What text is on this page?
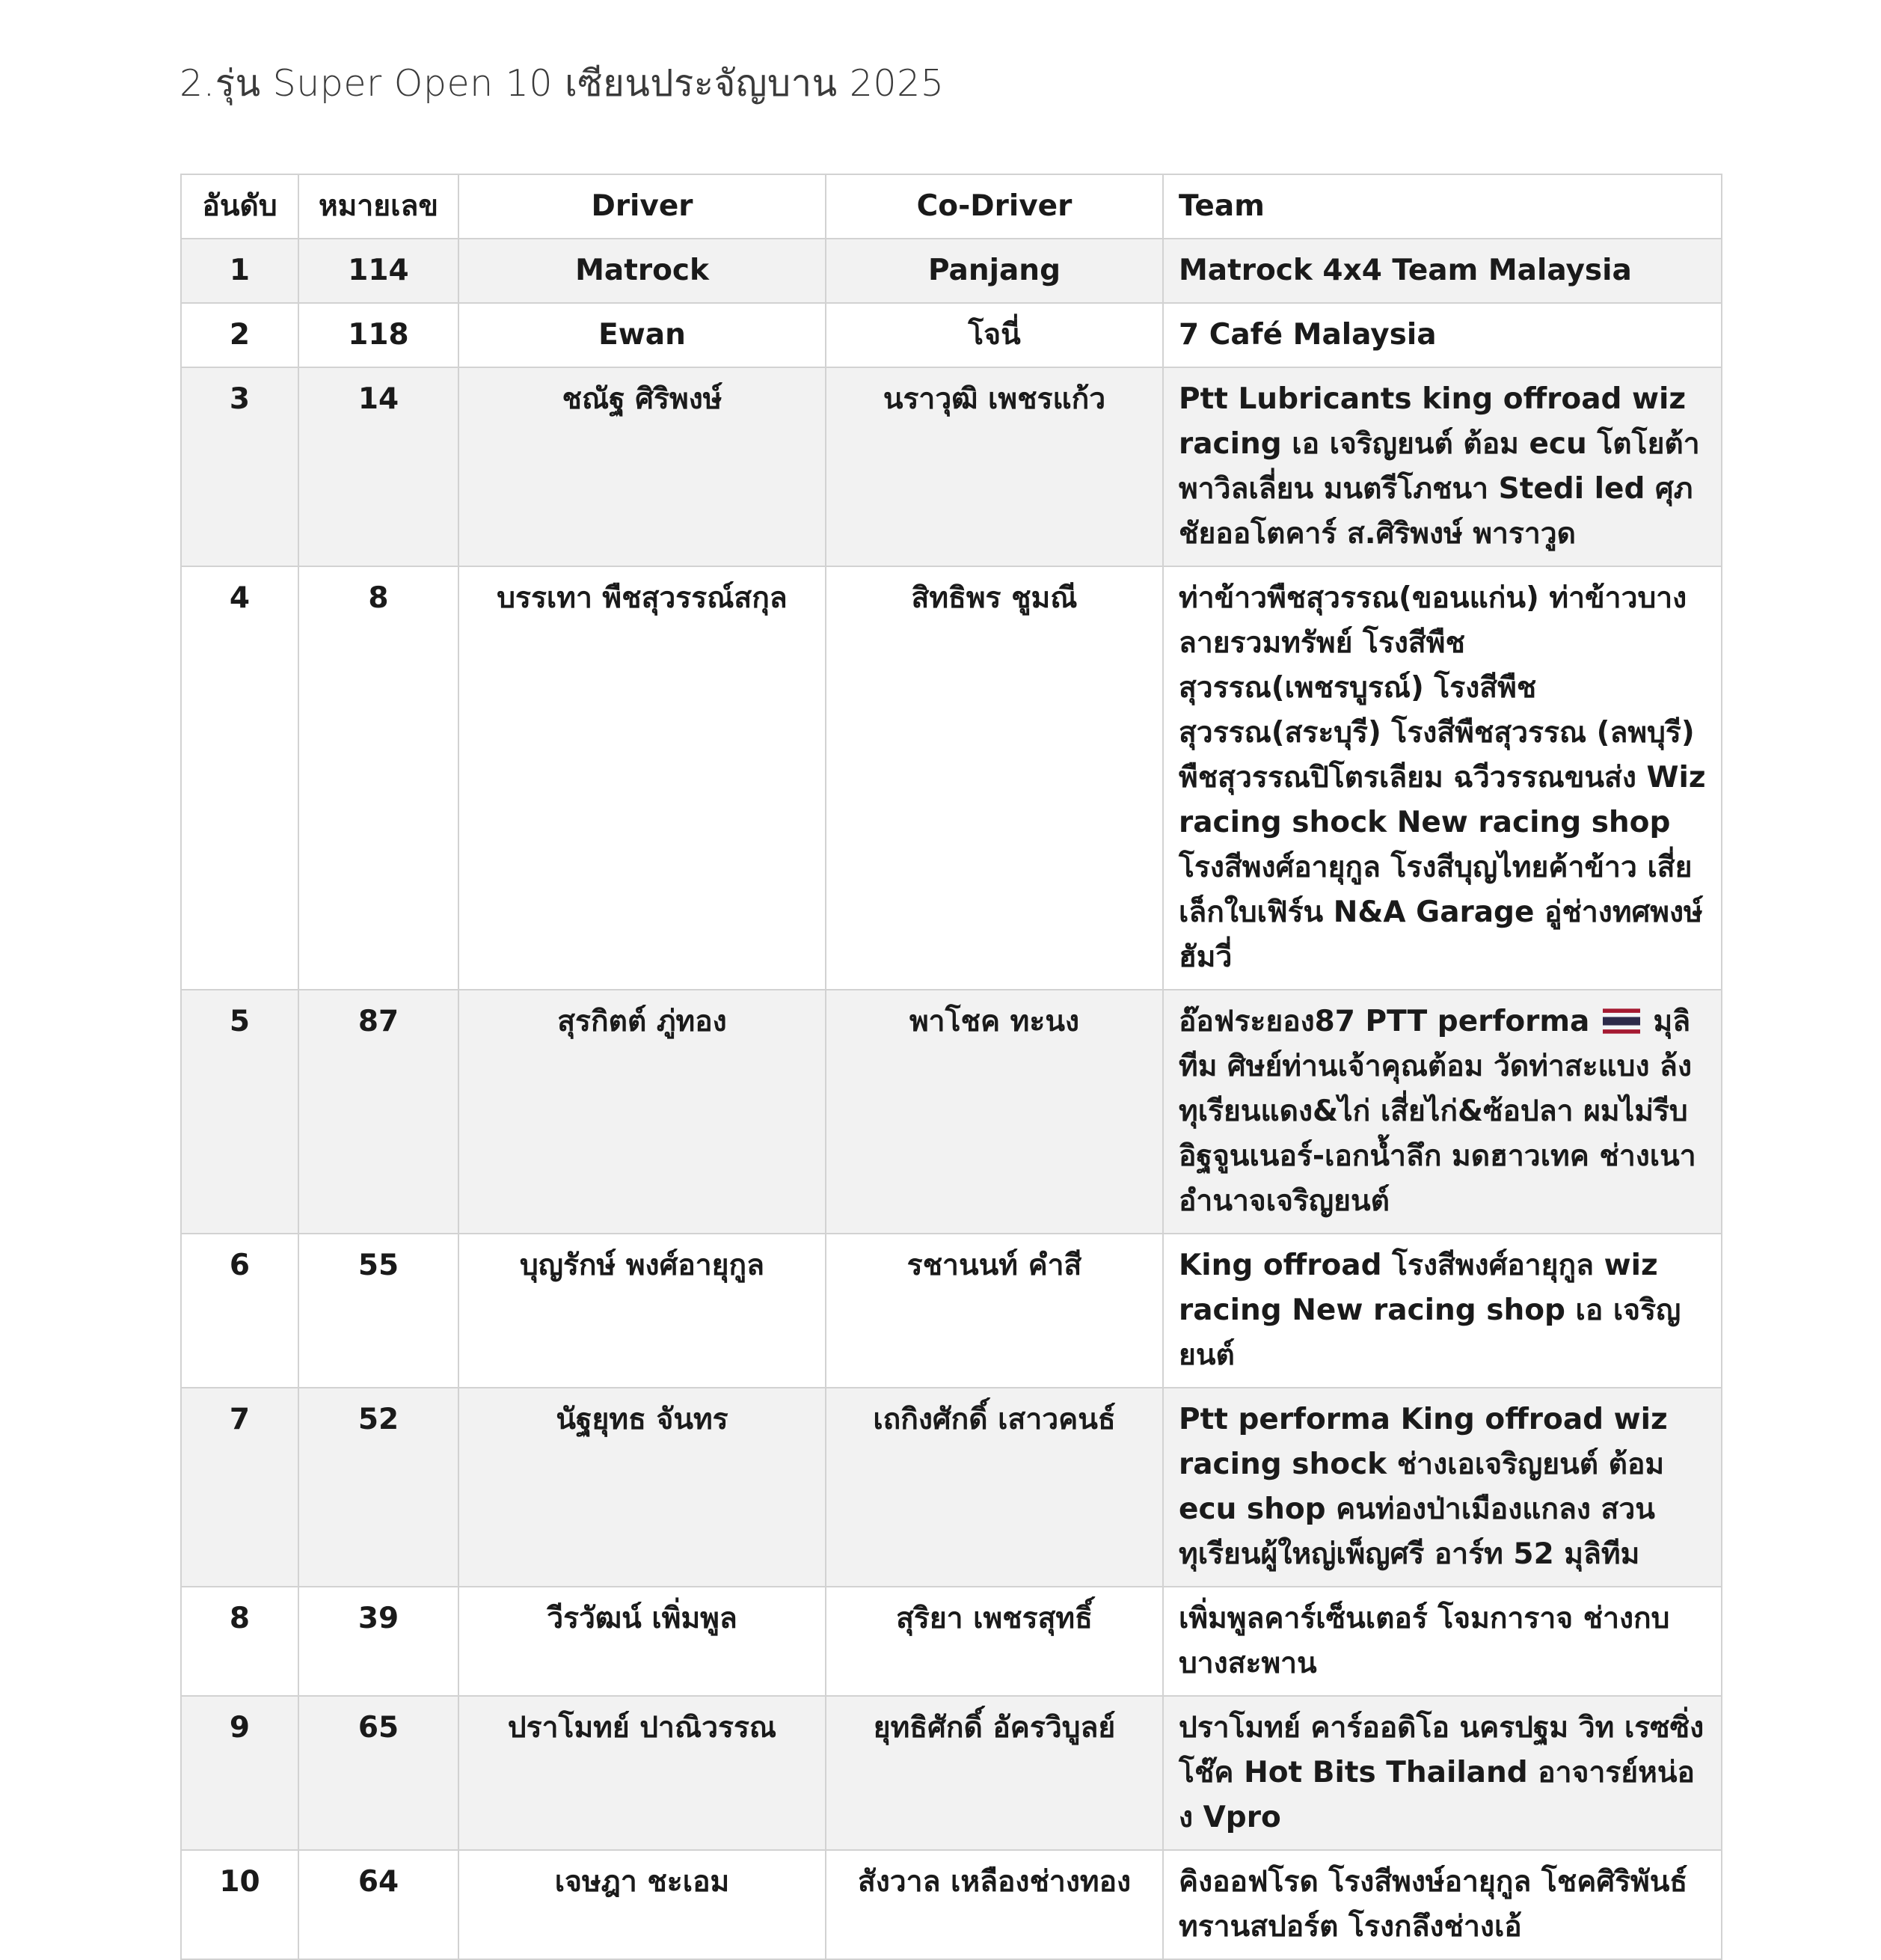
2.รุ่น Super Open 10 เซียนประจัญบาน 2025
อันดับ	หมายเลข	Driver	Co-Driver	Team
1	114	Matrock	Panjang	Matrock 4x4 Team Malaysia
2	118	Ewan	โจนี่	7 Café Malaysia
3	14	ชณัฐ ศิริพงษ์	นราวุฒิ เพชรแก้ว	Ptt Lubricants king offroad wiz racing เอ เจริญยนต์ ต้อม ecu โตโยต้า พาวิลเลี่ยน มนตรีโภชนา Stedi led ศุภชัยออโตคาร์ ส.ศิริพงษ์ พาราวูด
4	8	บรรเทา พืชสุวรรณ์สกุล	สิทธิพร ชูมณี	ท่าข้าวพืชสุวรรณ(ขอนแก่น) ท่าข้าวบางลายรวมทรัพย์ โรงสีพืชสุวรรณ(เพชรบูรณ์) โรงสีพืชสุวรรณ(สระบุรี) โรงสีพืชสุวรรณ (ลพบุรี) พืชสุวรรณปิโตรเลียม ฉวีวรรณขนส่ง Wiz racing shock New racing shop โรงสีพงศ์อายุกูล โรงสีบุญไทยค้าข้าว เสี่ยเล็กใบเฟิร์น N&A Garage อู่ช่างทศพงษ์ฮัมวี่
5	87	สุรกิตต์ ภู่ทอง	พาโชค ทะนง	อ๊อฟระยอง87 PTT performa มุลิทีม ศิษย์ท่านเจ้าคุณต้อม วัดท่าสะแบง ล้งทุเรียนแดง&ไก่ เสี่ยไก่&ซ้อปลา ผมไม่รีบ อิฐจูนเนอร์-เอกน้ำลึก มดฮาวเทค ช่างเนาอำนาจเจริญยนต์
6	55	บุญรักษ์ พงศ์อายุกูล	รชานนท์ คำสี	King offroad โรงสีพงศ์อายุกูล wiz racing New racing shop เอ เจริญยนต์
7	52	นัฐยุทธ จันทร	เถกิงศักดิ์ เสาวคนธ์	Ptt performa King offroad wiz racing shock ช่างเอเจริญยนต์ ต้อม ecu shop คนท่องป่าเมืองแกลง สวนทุเรียนผู้ใหญ่เพ็ญศรี อาร์ท 52 มุลิทีม
8	39	วีรวัฒน์ เพิ่มพูล	สุริยา เพชรสุทธิ์	เพิ่มพูลคาร์เซ็นเตอร์ โจมการาจ ช่างกบบางสะพาน
9	65	ปราโมทย์ ปาณิวรรณ	ยุทธิศักดิ์ อัครวิบูลย์	ปราโมทย์ คาร์ออดิโอ นครปฐม วิท เรซซิ่งโช๊ค Hot Bits Thailand อาจารย์หน่อง Vpro
10	64	เจษฎา ชะเอม	สังวาล เหลืองช่างทอง	คิงออฟโรด โรงสีพงษ์อายุกูล โชคศิริพันธ์ทรานสปอร์ต โรงกลึงช่างเอ้
